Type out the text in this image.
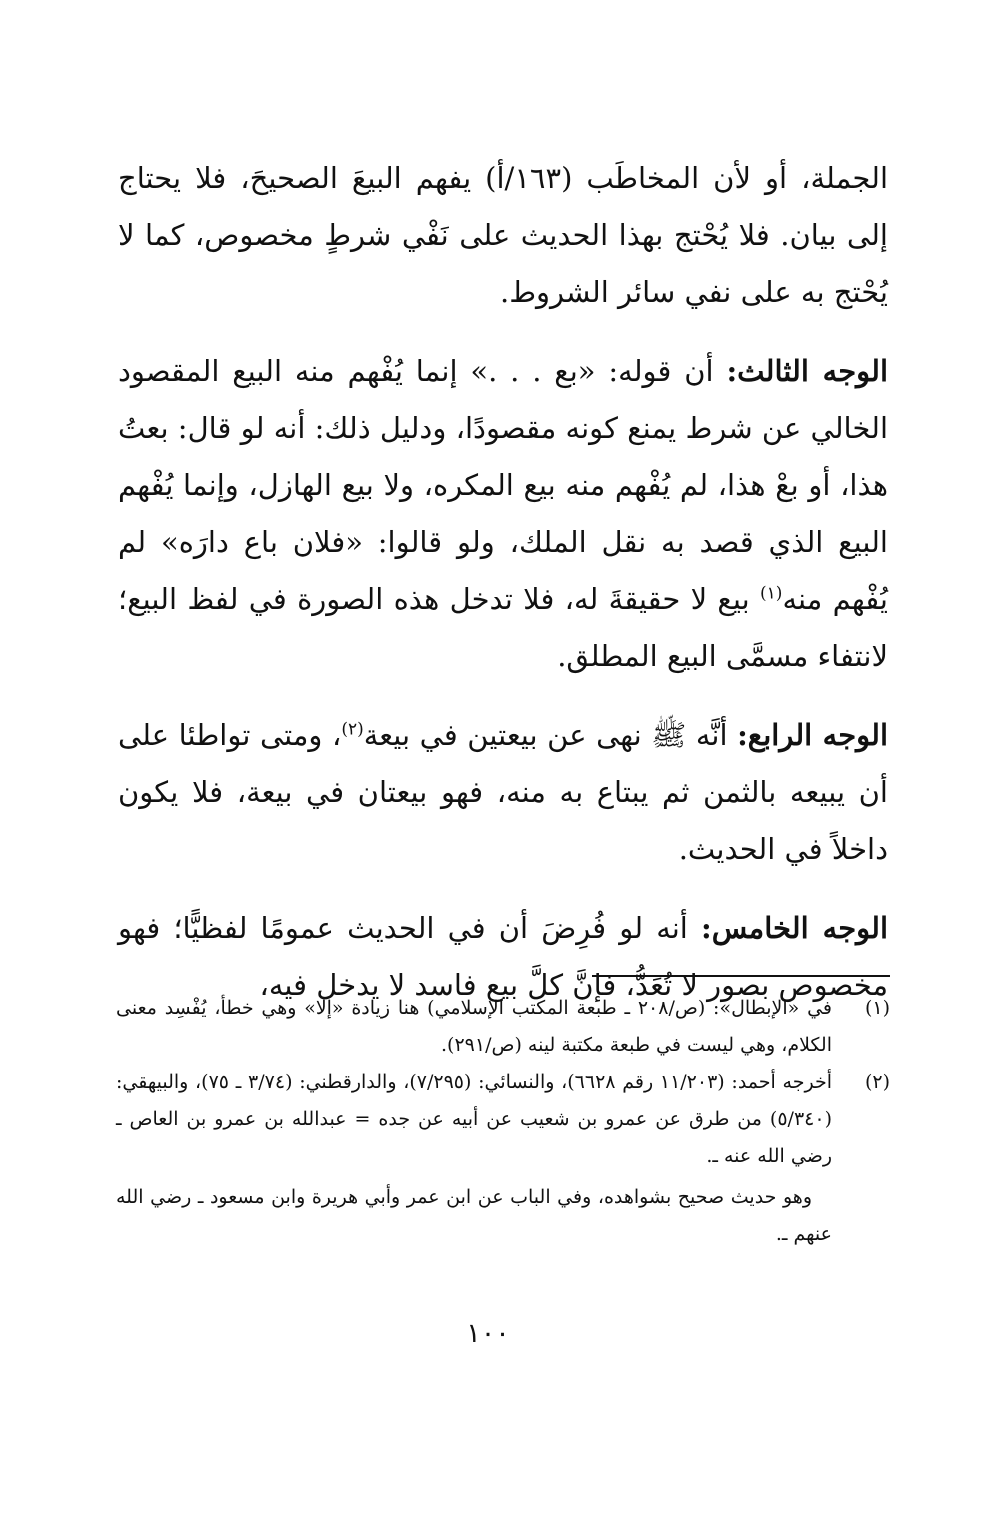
الجملة، أو لأن المخاطَب (١٦٣/أ) يفهم البيعَ الصحيحَ، فلا يحتاج إلى بيان. فلا يُحْتج بهذا الحديث على نَفْي شرطٍ مخصوص، كما لا يُحْتج به على نفي سائر الشروط.

الوجه الثالث: أن قوله: «بع . . .» إنما يُفْهم منه البيع المقصود الخالي عن شرط يمنع كونه مقصودًا، ودليل ذلك: أنه لو قال: بعتُ هذا، أو بعْ هذا، لم يُفْهم منه بيع المكره، ولا بيع الهازل، وإنما يُفْهم البيع الذي قصد به نقل الملك، ولو قالوا: «فلان باع دارَه» لم يُفْهم منه$^{(١)}$ بيع لا حقيقةَ له، فلا تدخل هذه الصورة في لفظ البيع؛ لانتفاء مسمَّى البيع المطلق.

الوجه الرابع: أنَّه ﷺ نهى عن بيعتين في بيعة$^{(٢)}$، ومتى تواطئا على أن يبيعه بالثمن ثم يبتاع به منه، فهو بيعتان في بيعة، فلا يكون داخلاً في الحديث.

الوجه الخامس: أنه لو فُرِضَ أن في الحديث عمومًا لفظيًّا؛ فهو مخصوص بصور لا تُعَدُّ، فإنَّ كلَّ بيع فاسد لا يدخل فيه،

(١)
في «الإبطال»: (ص/٢٠٨ ـ طبعة المكتب الإسلامي) هنا زيادة «إلا» وهي خطأ، يُفْسِد معنى الكلام، وهي ليست في طبعة مكتبة لينه (ص/٢٩١).
(٢)
أخرجه أحمد: (١١/٢٠٣ رقم ٦٦٢٨)، والنسائي: (٧/٢٩٥)، والدارقطني: (٣/٧٤ ـ ٧٥)، والبيهقي: (٥/٣٤٠) من طرق عن عمرو بن شعيب عن أبيه عن جده = عبدالله بن عمرو بن العاص ـ رضي الله عنه ـ.
وهو حديث صحيح بشواهده، وفي الباب عن ابن عمر وأبي هريرة وابن مسعود ـ رضي الله عنهم ـ.
١٠٠
